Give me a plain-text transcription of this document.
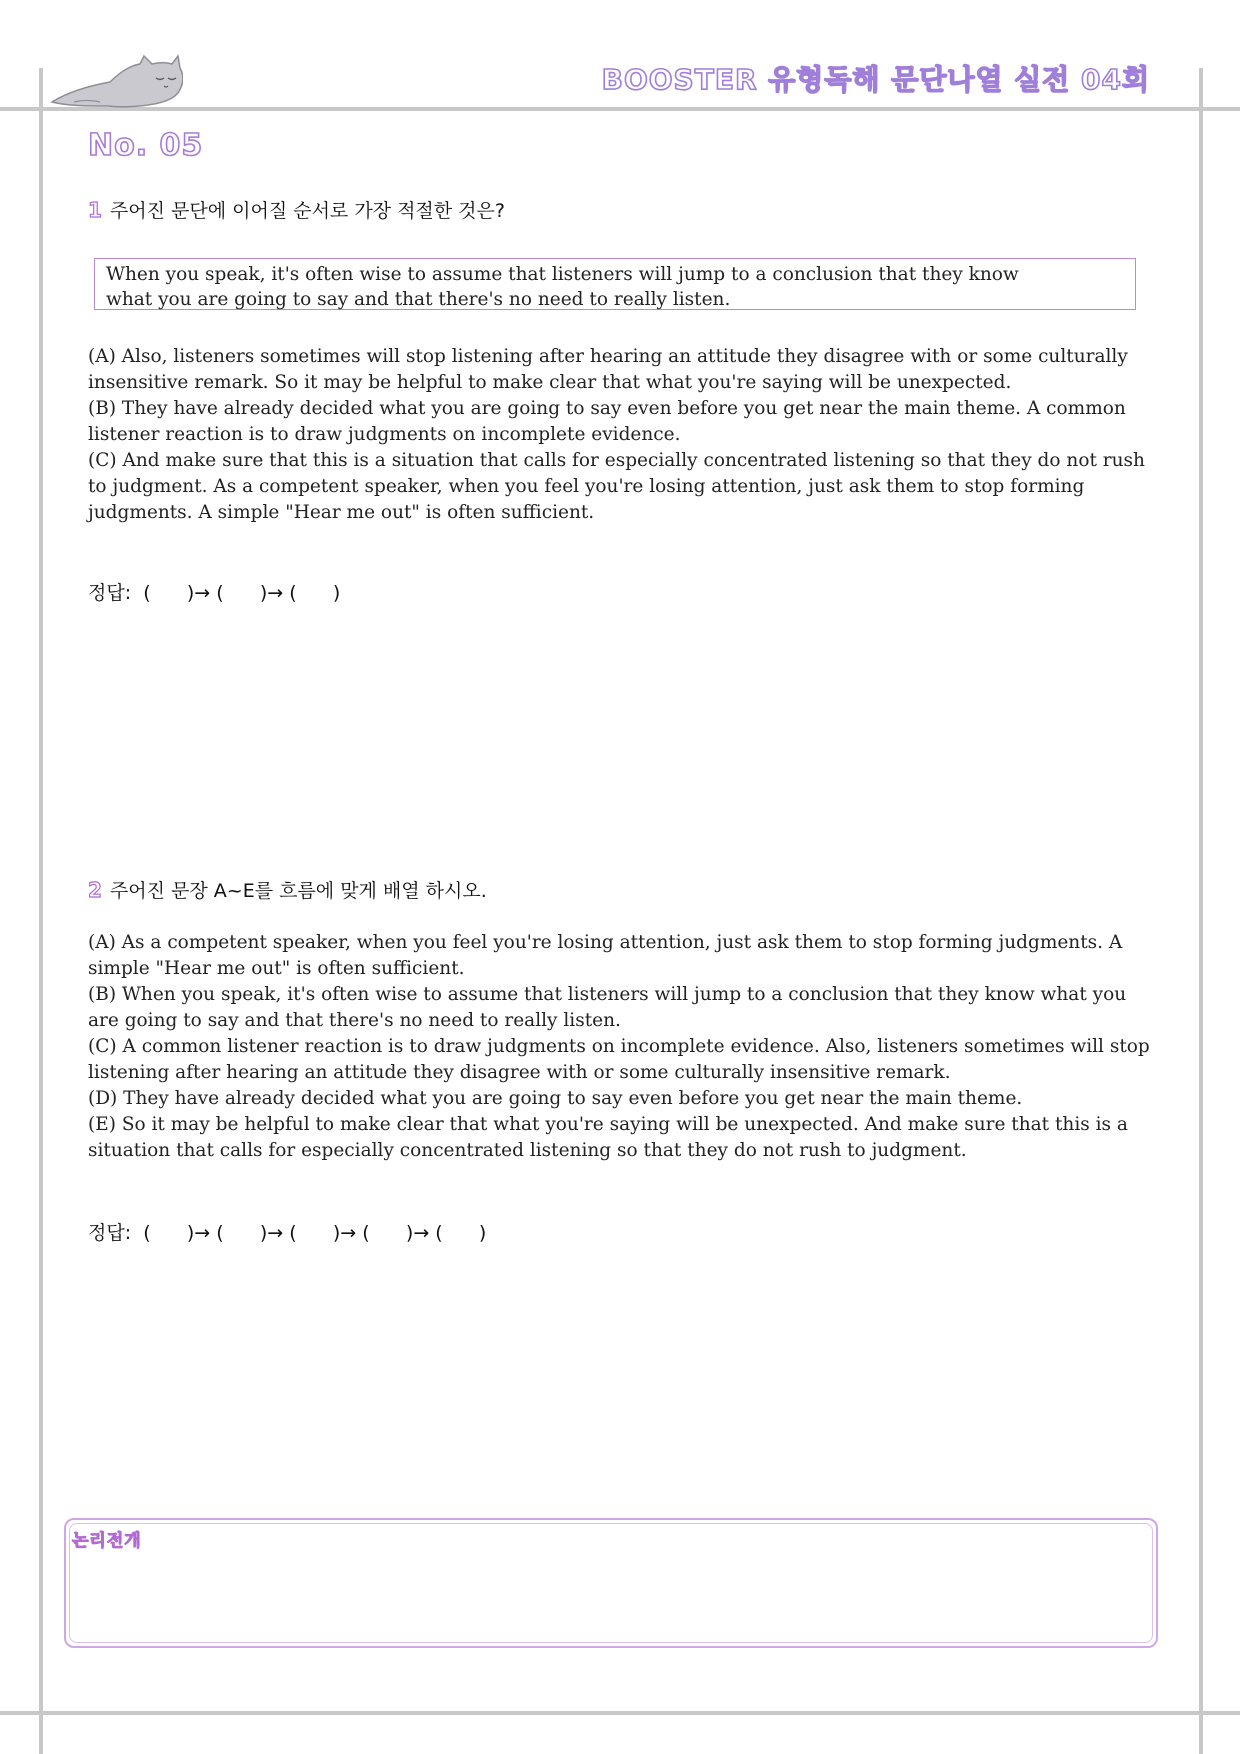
BOOSTER 유형독해 문단나열 실전 04회
No. 05
1 주어진 문단에 이어질 순서로 가장 적절한 것은?
When you speak, it's often wise to assume that listeners will jump to a conclusion that they know
what you are going to say and that there's no need to really listen.

(A) Also, listeners sometimes will stop listening after hearing an attitude they disagree with or some culturally insensitive remark. So it may be helpful to make clear that what you're saying will be unexpected.

(B) They have already decided what you are going to say even before you get near the main theme. A common listener reaction is to draw judgments on incomplete evidence.

(C) And make sure that this is a situation that calls for especially concentrated listening so that they do not rush to judgment. As a competent speaker, when you feel you're losing attention, just ask them to stop forming judgments. A simple "Hear me out" is often sufficient.

정답:  (      )→ (      )→ (      )
2 주어진 문장 A~E를 흐름에 맞게 배열 하시오.

(A) As a competent speaker, when you feel you're losing attention, just ask them to stop forming judgments. A simple "Hear me out" is often sufficient.

(B) When you speak, it's often wise to assume that listeners will jump to a conclusion that they know what you are going to say and that there's no need to really listen.

(C) A common listener reaction is to draw judgments on incomplete evidence. Also, listeners sometimes will stop listening after hearing an attitude they disagree with or some culturally insensitive remark.

(D) They have already decided what you are going to say even before you get near the main theme.

(E) So it may be helpful to make clear that what you're saying will be unexpected. And make sure that this is a situation that calls for especially concentrated listening so that they do not rush to judgment.

정답:  (      )→ (      )→ (      )→ (      )→ (      )
논리전개
